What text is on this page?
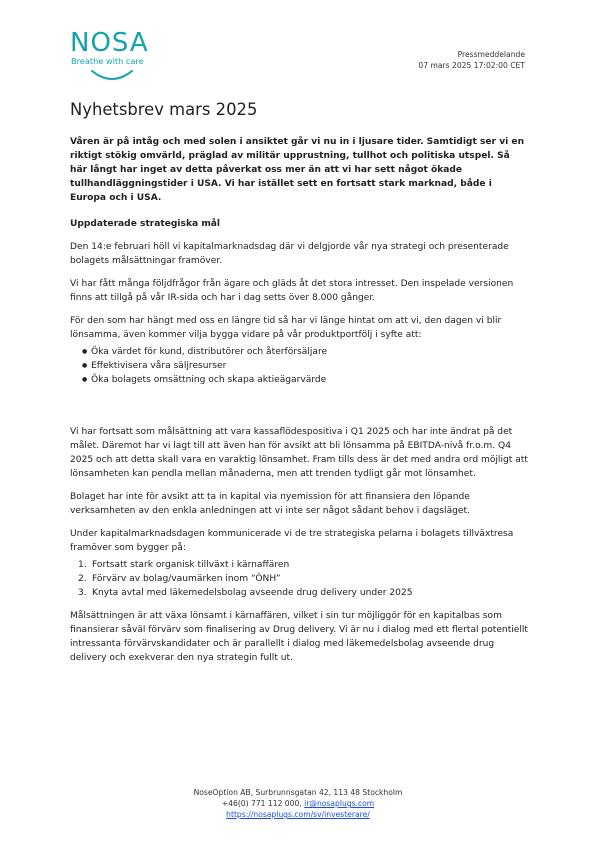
NOSA
Breathe with care
Pressmeddelande
07 mars 2025 17:02:00 CET
Nyhetsbrev mars 2025

Våren är på intåg och med solen i ansiktet går vi nu in i ljusare tider. Samtidigt ser vi en riktigt stökig omvärld, präglad av militär upprustning, tullhot och politiska utspel. Så här långt har inget av detta påverkat oss mer än att vi har sett något ökade tullhandläggningstider i USA. Vi har istället sett en fortsatt stark marknad, både i Europa och i USA.

Uppdaterade strategiska mål

Den 14:e februari höll vi kapitalmarknadsdag där vi delgjorde vår nya strategi och presenterade bolagets målsättningar framöver.

Vi har fått många följdfrågor från ägare och gläds åt det stora intresset. Den inspelade versionen finns att tillgå på vår IR-sida och har i dag setts över 8.000 gånger.

För den som har hängt med oss en längre tid så har vi länge hintat om att vi, den dagen vi blir lönsamma, även kommer vilja bygga vidare på vår produktportfölj i syfte att:

● Öka värdet för kund, distributörer och återförsäljare
● Effektivisera våra säljresurser
● Öka bolagets omsättning och skapa aktieägarvärde

Vi har fortsatt som målsättning att vara kassaflödespositiva i Q1 2025 och har inte ändrat på det målet. Däremot har vi lagt till att även han för avsikt att bli lönsamma på EBITDA-nivå fr.o.m. Q4 2025 och att detta skall vara en varaktig lönsamhet. Fram tills dess är det med andra ord möjligt att lönsamheten kan pendla mellan månaderna, men att trenden tydligt går mot lönsamhet.

Bolaget har inte för avsikt att ta in kapital via nyemission för att finansiera den löpande verksamheten av den enkla anledningen att vi inte ser något sådant behov i dagsläget.

Under kapitalmarknadsdagen kommunicerade vi de tre strategiska pelarna i bolagets tillväxtresa framöver som bygger på:

1. Fortsatt stark organisk tillväxt i kärnaffären
2. Förvärv av bolag/vaumärken inom “ÖNH”
3. Knyta avtal med läkemedelsbolag avseende drug delivery under 2025

Målsättningen är att växa lönsamt i kärnaffären, vilket i sin tur möjliggör för en kapitalbas som finansierar såväl förvärv som finalisering av Drug delivery. Vi är nu i dialog med ett flertal potentiellt intressanta förvärvskandidater och är parallellt i dialog med läkemedelsbolag avseende drug delivery och exekverar den nya strategin fullt ut.

NoseOption AB, Surbrunnsgatan 42, 113 48 Stockholm
+46(0) 771 112 000, ir@nosaplugs.com
https://nosaplugs.com/sv/investerare/
